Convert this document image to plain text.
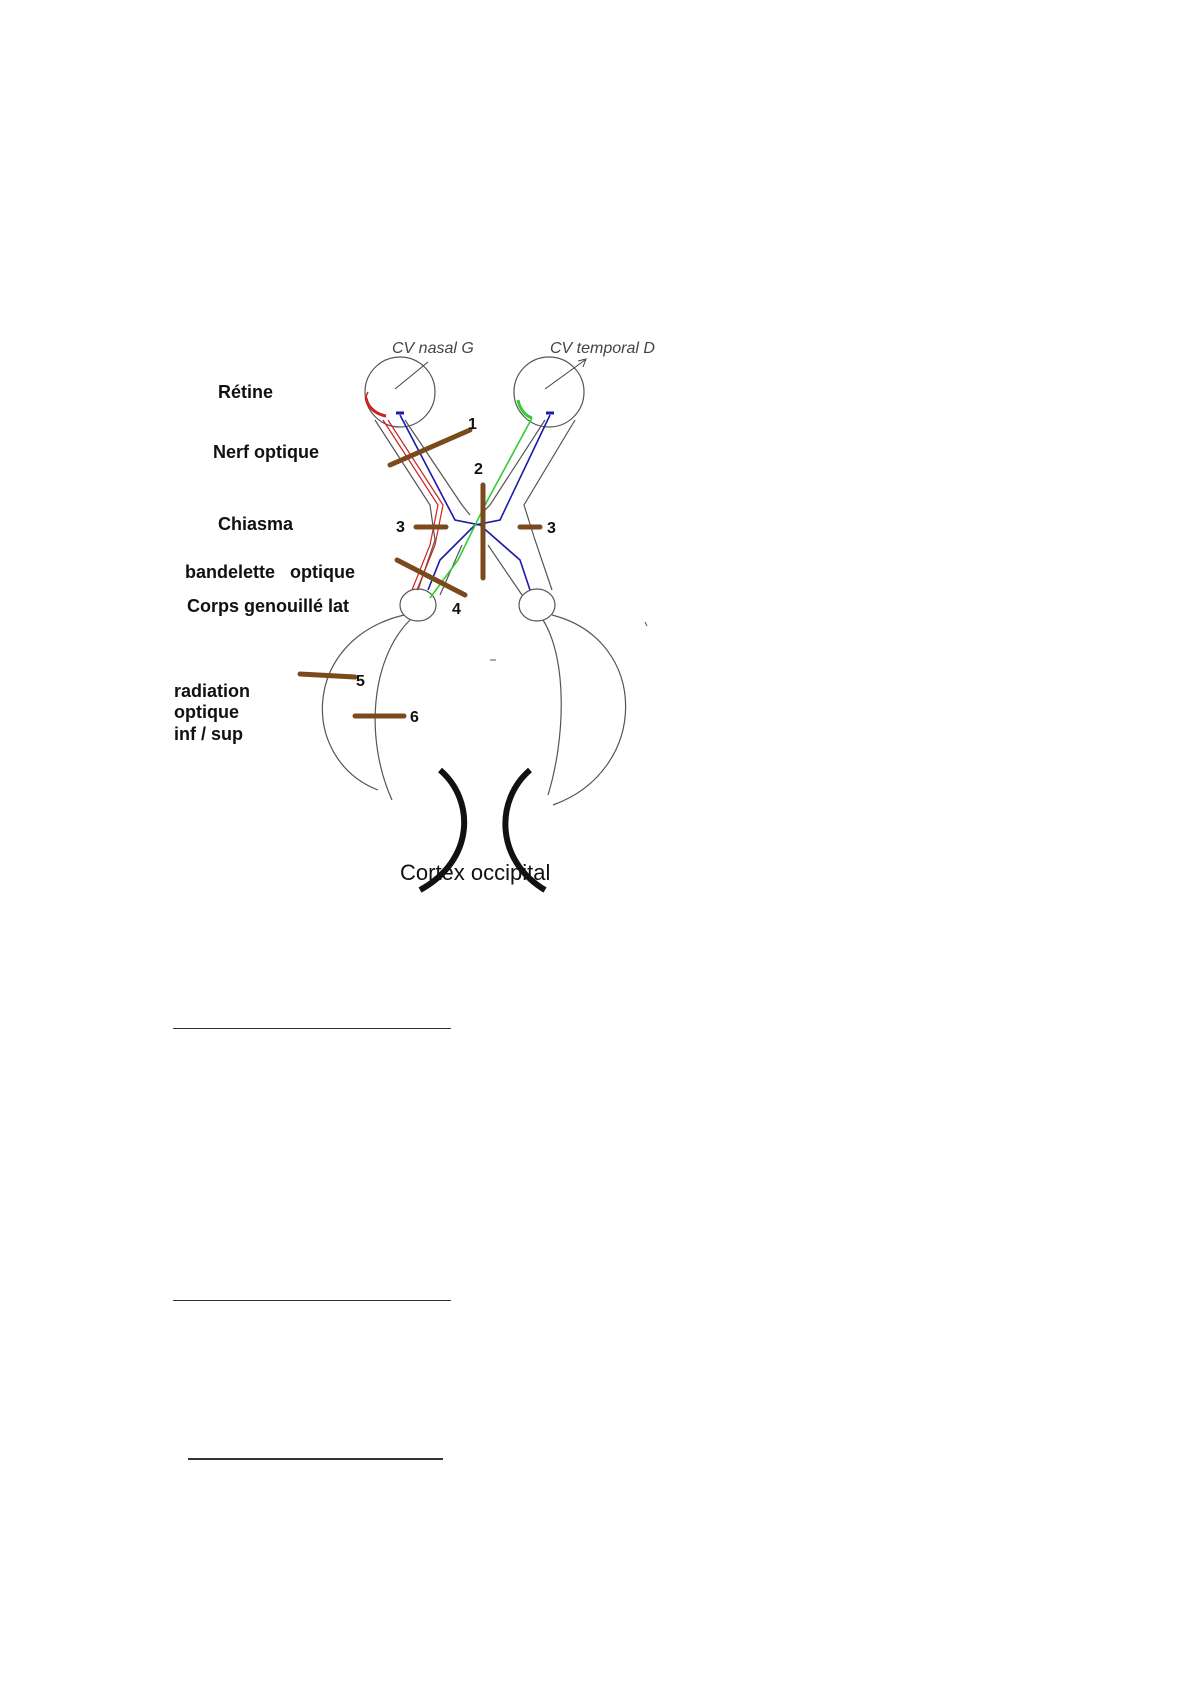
1
2
3	3
4
5
6
Rétine
Nerf optique
Chiasma
bandelette   optique
Corps genouillé lat
radiation
optique
inf / sup
CV nasal G	CV temporal D
Cortex occipital
